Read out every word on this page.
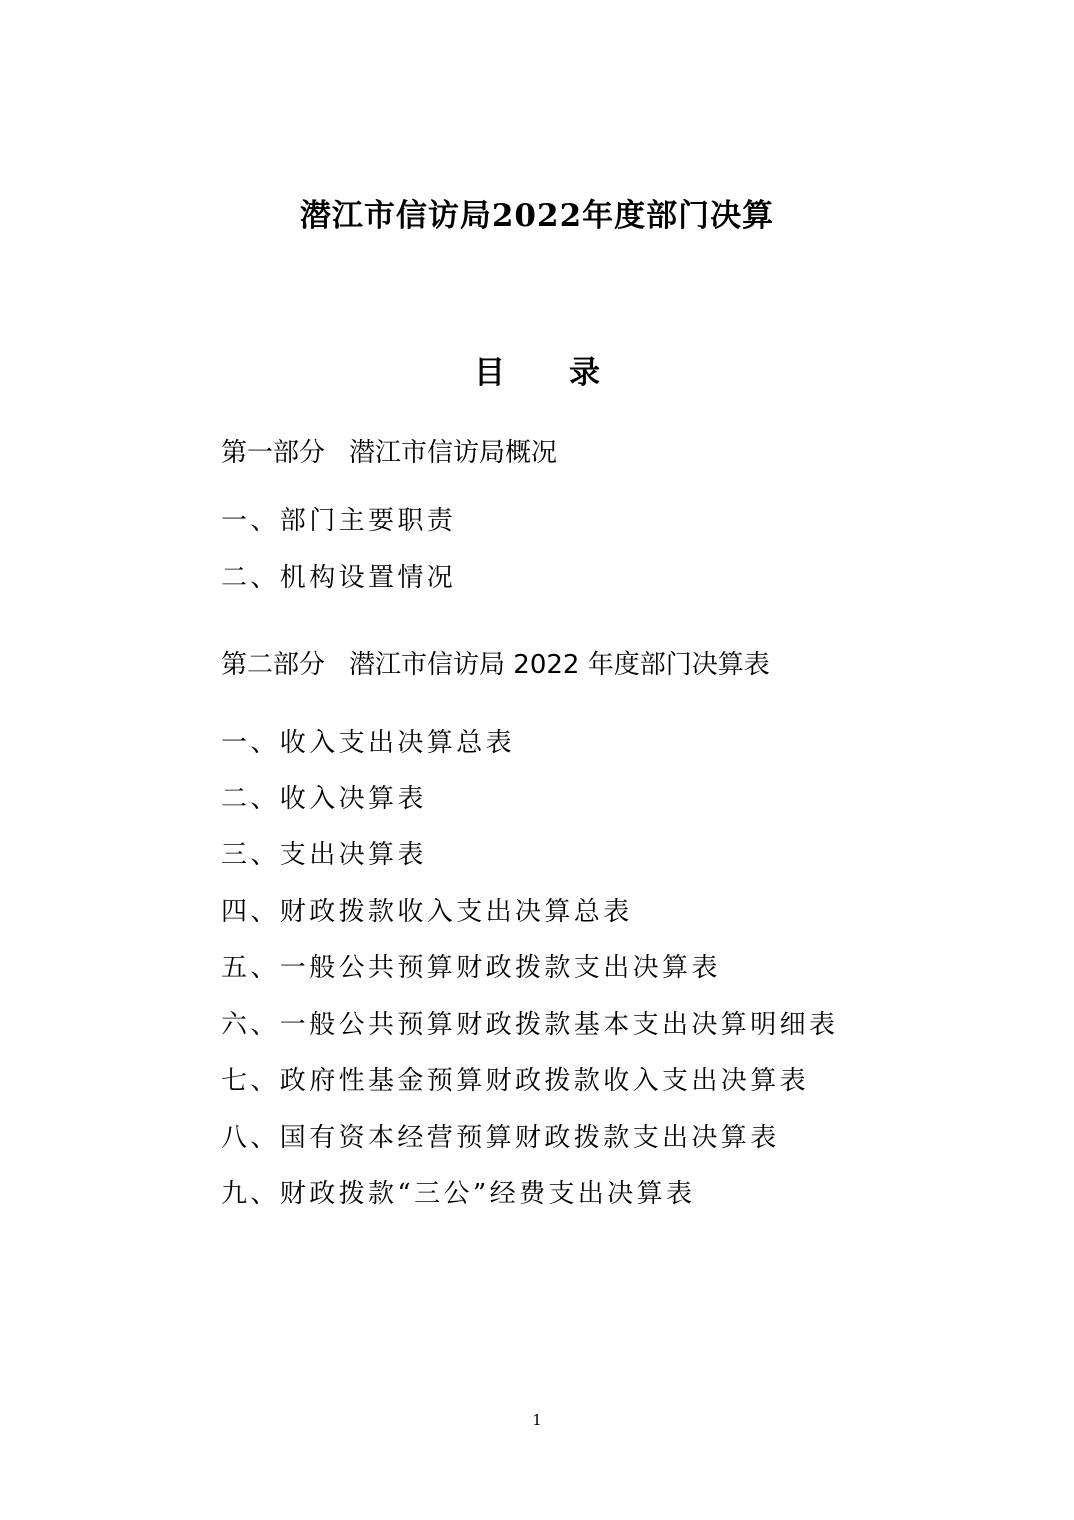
潜江市信访局2022年度部门决算
目 录
第一部分 潜江市信访局概况
一、部门主要职责
二、机构设置情况
第二部分 潜江市信访局 2022 年度部门决算表
一、收入支出决算总表
二、收入决算表
三、支出决算表
四、财政拨款收入支出决算总表
五、一般公共预算财政拨款支出决算表
六、一般公共预算财政拨款基本支出决算明细表
七、政府性基金预算财政拨款收入支出决算表
八、国有资本经营预算财政拨款支出决算表
九、财政拨款“三公”经费支出决算表
1
